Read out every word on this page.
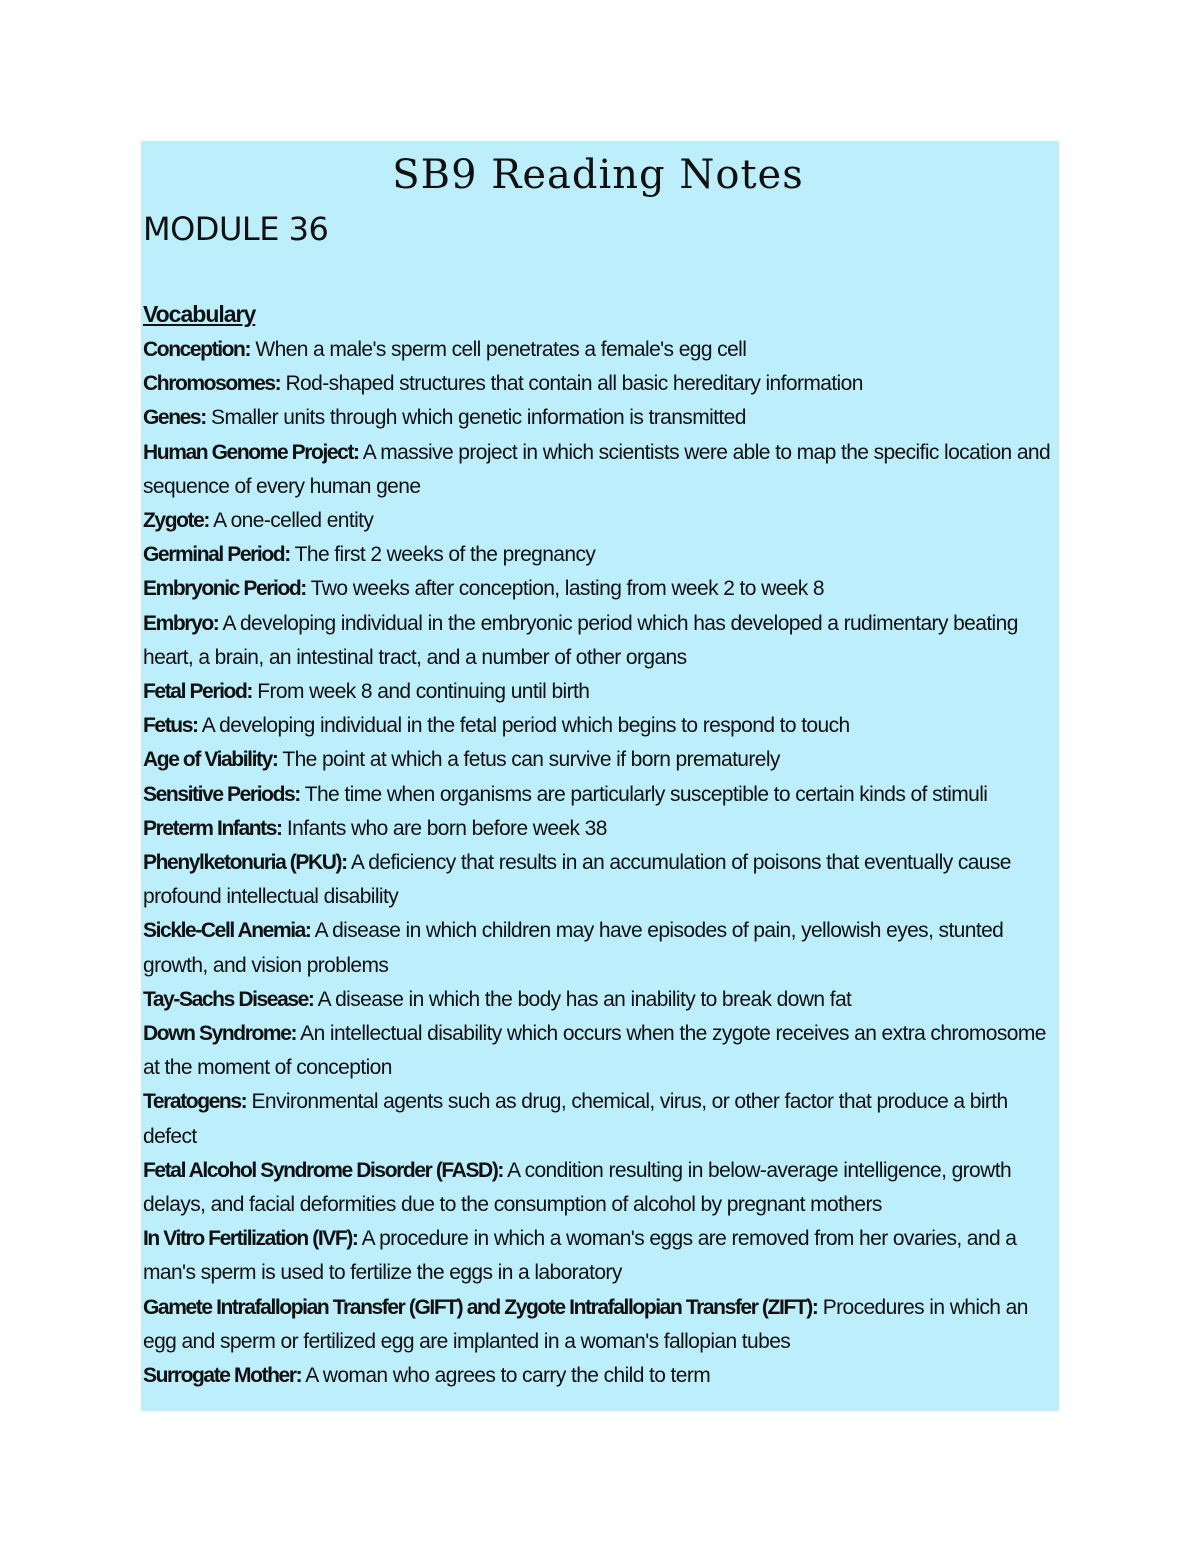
SB9 Reading Notes
MODULE 36
Vocabulary
Conception: When a male's sperm cell penetrates a female's egg cell
Chromosomes: Rod-shaped structures that contain all basic hereditary information
Genes: Smaller units through which genetic information is transmitted
Human Genome Project: A massive project in which scientists were able to map the specific location and sequence of every human gene
Zygote: A one-celled entity
Germinal Period: The first 2 weeks of the pregnancy
Embryonic Period: Two weeks after conception, lasting from week 2 to week 8
Embryo: A developing individual in the embryonic period which has developed a rudimentary beating heart, a brain, an intestinal tract, and a number of other organs
Fetal Period: From week 8 and continuing until birth
Fetus: A developing individual in the fetal period which begins to respond to touch
Age of Viability: The point at which a fetus can survive if born prematurely
Sensitive Periods: The time when organisms are particularly susceptible to certain kinds of stimuli
Preterm Infants: Infants who are born before week 38
Phenylketonuria (PKU): A deficiency that results in an accumulation of poisons that eventually cause profound intellectual disability
Sickle-Cell Anemia: A disease in which children may have episodes of pain, yellowish eyes, stunted growth, and vision problems
Tay-Sachs Disease: A disease in which the body has an inability to break down fat
Down Syndrome: An intellectual disability which occurs when the zygote receives an extra chromosome at the moment of conception
Teratogens: Environmental agents such as drug, chemical, virus, or other factor that produce a birth defect
Fetal Alcohol Syndrome Disorder (FASD): A condition resulting in below-average intelligence, growth delays, and facial deformities due to the consumption of alcohol by pregnant mothers
In Vitro Fertilization (IVF): A procedure in which a woman's eggs are removed from her ovaries, and a man's sperm is used to fertilize the eggs in a laboratory
Gamete Intrafallopian Transfer (GIFT) and Zygote Intrafallopian Transfer (ZIFT): Procedures in which an egg and sperm or fertilized egg are implanted in a woman's fallopian tubes
Surrogate Mother: A woman who agrees to carry the child to term
